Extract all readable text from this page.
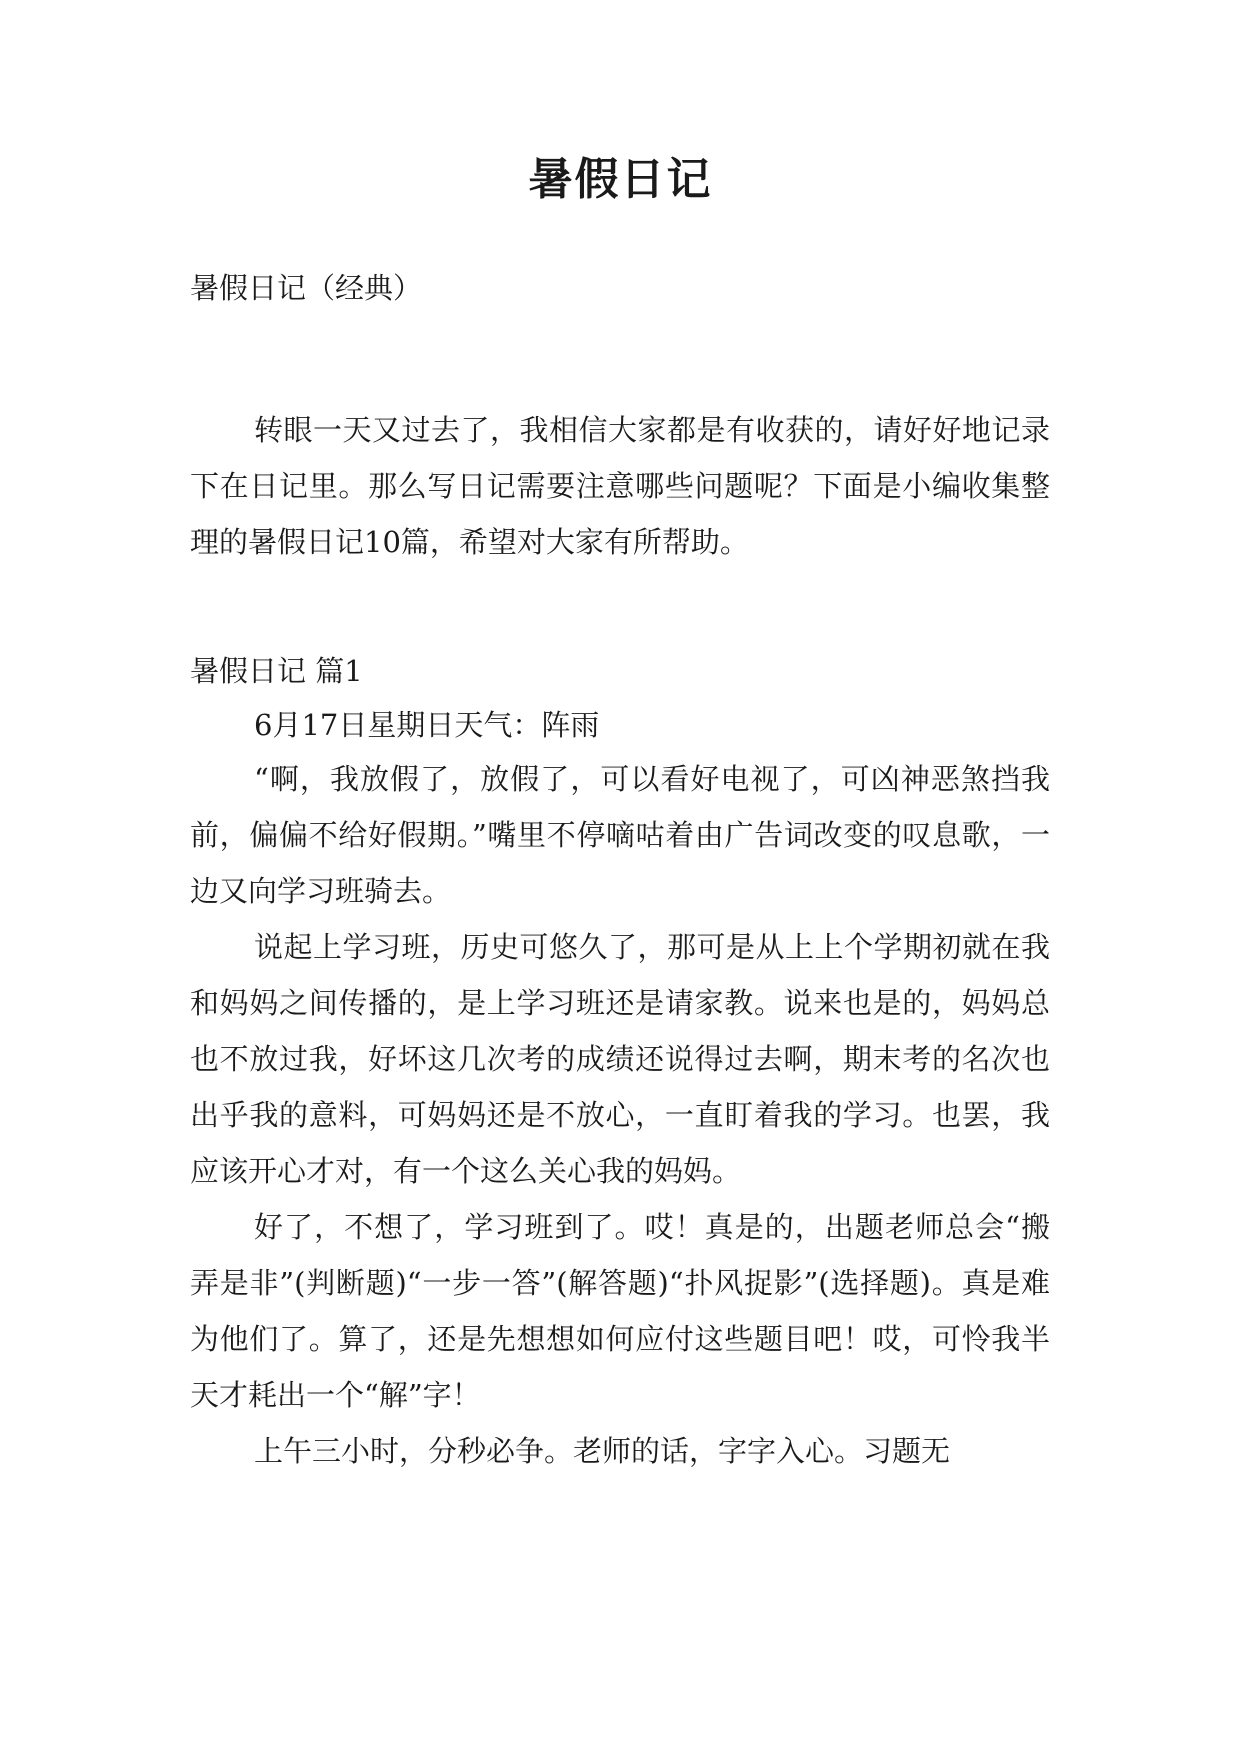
暑假日记

暑假日记（经典）

转眼一天又过去了，我相信大家都是有收获的，请好好地记录下在日记里。那么写日记需要注意哪些问题呢？下面是小编收集整理的暑假日记10篇，希望对大家有所帮助。

暑假日记 篇1

6月17日星期日天气：阵雨

“啊，我放假了，放假了，可以看好电视了，可凶神恶煞挡我前，偏偏不给好假期。”嘴里不停嘀咕着由广告词改变的叹息歌，一边又向学习班骑去。

说起上学习班，历史可悠久了，那可是从上上个学期初就在我和妈妈之间传播的，是上学习班还是请家教。说来也是的，妈妈总也不放过我，好坏这几次考的成绩还说得过去啊，期末考的名次也出乎我的意料，可妈妈还是不放心，一直盯着我的学习。也罢，我应该开心才对，有一个这么关心我的妈妈。

好了，不想了，学习班到了。哎！真是的，出题老师总会“搬弄是非”(判断题)“一步一答”(解答题)“扑风捉影”(选择题)。真是难为他们了。算了，还是先想想如何应付这些题目吧！哎，可怜我半天才耗出一个“解”字！

上午三小时，分秒必争。老师的话，字字入心。习题无
